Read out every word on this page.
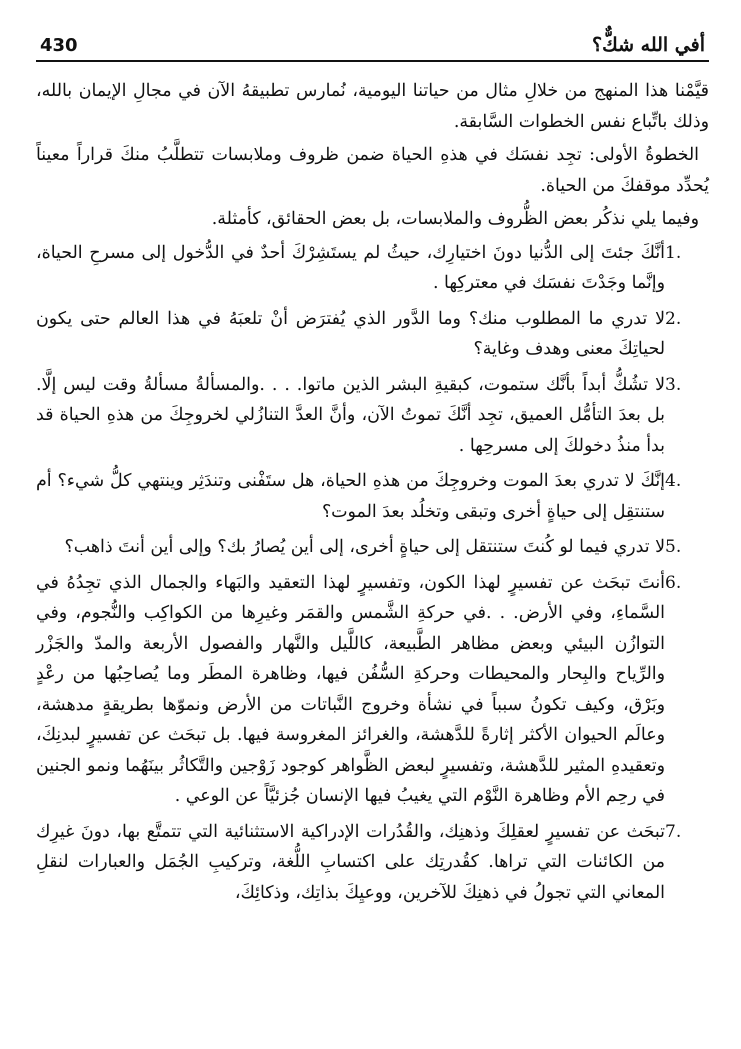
أفي الله شكٌّ؟
430

قيَّمْنا هذا المنهج من خلالِ مثال من حياتنا اليومية، نُمارس تطبيقهُ الآن في مجالِ الإيمان بالله، وذلك باتِّباع نفس الخطوات السَّابقة.

الخطوةُ الأولى: تجِد نفسَك في هذهِ الحياة ضمن ظروف وملابسات تتطلَّبُ منكَ قراراً معيناً يُحدِّد موقفكَ من الحياة.

وفيما يلي نذكُر بعض الظُّروف والملابسات، بل بعض الحقائق، كأمثلة.

1.
أنَّكَ جئتَ إلى الدُّنيا دونَ اختيارِك، حيثُ لم يستَشِرْكَ أحدٌ في الدُّخول إلى مسرحِ الحياة، وإنَّما وجَدْتَ نفسَك في معتركِها .
2.
لا تدري ما المطلوب منك؟ وما الدَّور الذي يُفترَض أنْ تلعبَهُ في هذا العالم حتى يكون لحياتِكَ معنى وهدف وغاية؟
3.
لا تشُكُّ أبداً بأنَّك ستموت، كبقيةِ البشر الذين ماتوا. . . .والمسألةُ مسألةُ وقت ليس إلَّا. بل بعدَ التأمُّل العميق، تجِد أنَّكَ تموتُ الآن، وأنَّ العدَّ التنازُلي لخروجِكَ من هذهِ الحياة قد بدأ منذُ دخولكَ إلى مسرحِها .
4.
إنَّكَ لا تدري بعدَ الموت وخروجِكَ من هذهِ الحياة، هل ستَفْنى وتندَثِر وينتهي كلُّ شيء؟ أم ستنتقِل إلى حياةٍ أخرى وتبقى وتخلُد بعدَ الموت؟
5.
لا تدري فيما لو كُنتَ ستنتقل إلى حياةٍ أخرى، إلى أين يُصارُ بك؟ وإلى أين أنتَ ذاهب؟
6.
أنتَ تبحَث عن تفسيرٍ لهذا الكون، وتفسيرٍ لهذا التعقيد والبَهاء والجمال الذي تجِدُهُ في السَّماءِ، وفي الأرض. . .في حركةِ الشَّمس والقمَر وغيرِها من الكواكِب والنُّجوم، وفي التوازُن البيئي وبعض مظاهر الطَّبيعة، كاللَّيل والنَّهار والفصول الأربعة والمدّ والجَزْر والرِّياح والبِحار والمحيطات وحركةِ السُّفُن فيها، وظاهرة المطَر وما يُصاحِبُها من رعْدٍ وبَرْق، وكيف تكونُ سبباً في نشأة وخروج النَّباتات من الأرض ونموّها بطريقةٍ مدهشة، وعالَم الحيوان الأكثر إثارةً للدَّهشة، والغرائز المغروسة فيها. بل تبحَث عن تفسيرٍ لبدنِكَ، وتعقيدهِ المثير للدَّهشة، وتفسيرٍ لبعض الظَّواهر كوجود زَوْجين والتَّكاثُر بينَهُما ونمو الجنين في رحِم الأم وظاهرة النَّوْم التي يغيبُ فيها الإنسان جُزئيَّاً عن الوعي .
7.
تبحَث عن تفسيرٍ لعقلِكَ وذهنِك، والقُدُرات الإدراكية الاستثنائية التي تتمتَّع بها، دونَ غيرِك من الكائنات التي تراها. كقُدرتِك على اكتسابِ اللُّغة، وتركيبِ الجُمَل والعبارات لنقلِ المعاني التي تجولُ في ذهنِكَ للآخرين، ووعيِكَ بذاتِك، وذكائِكَ،
